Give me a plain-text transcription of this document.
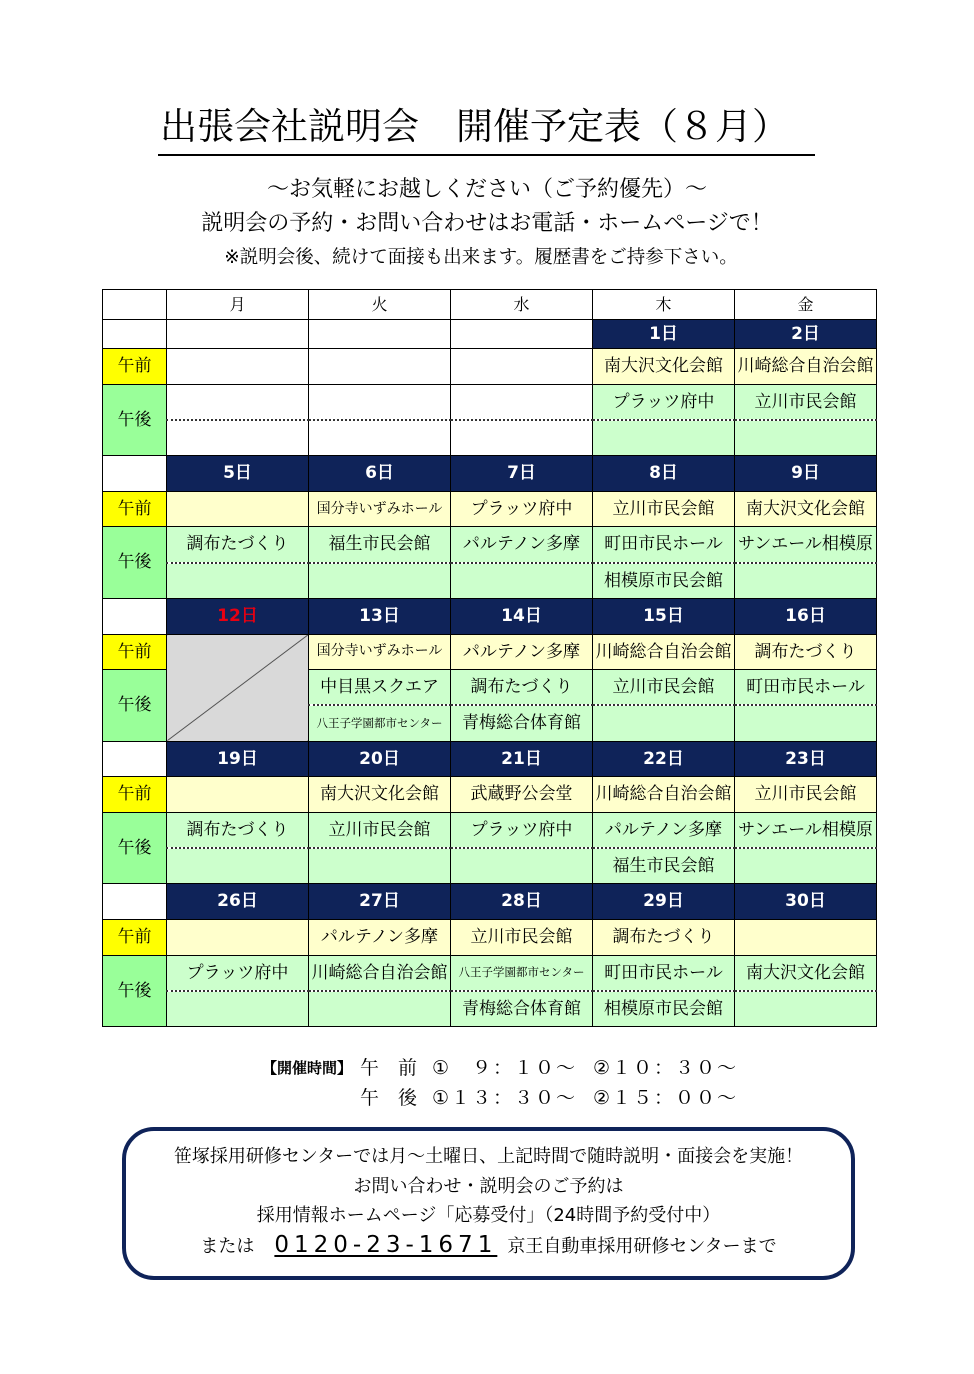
出張会社説明会　開催予定表（８月）
～お気軽にお越しください（ご予約優先）～
説明会の予約・お問い合わせはお電話・ホームページで！
※説明会後、続けて面接も出来ます。履歴書をご持参下さい。
	月	火	水	木	金
				1日	2日
午前				南大沢文化会館	川崎総合自治会館
午後				プラッツ府中	立川市民会館

	5日	6日	7日	8日	9日
午前		国分寺いずみホール	プラッツ府中	立川市民会館	南大沢文化会館
午後	調布たづくり	福生市民会館	パルテノン多摩	町田市民ホール	サンエール相模原
				相模原市民会館	
	12日	13日	14日	15日	16日
午前		国分寺いずみホール	パルテノン多摩	川崎総合自治会館	調布たづくり
午後		中目黒スクエア	調布たづくり	立川市民会館	町田市民ホール
		八王子学園都市センター	青梅総合体育館		
	19日	20日	21日	22日	23日
午前		南大沢文化会館	武蔵野公会堂	川崎総合自治会館	立川市民会館
午後	調布たづくり	立川市民会館	プラッツ府中	パルテノン多摩	サンエール相模原
				福生市民会館	
	26日	27日	28日	29日	30日
午前		パルテノン多摩	立川市民会館	調布たづくり	
午後	プラッツ府中	川崎総合自治会館	八王子学園都市センター	町田市民ホール	南大沢文化会館
			青梅総合体育館	相模原市民会館	
【開催時間】 午　前 ①　９：１０～ ②１０：３０～
午　後 ①１３：３０～ ②１５：００～
笹塚採用研修センターでは月～土曜日、上記時間で随時説明・面接会を実施！
お問い合わせ・説明会のご予約は
採用情報ホームページ「応募受付」（24時間予約受付中）
または 0120-23-1671 京王自動車採用研修センターまで
